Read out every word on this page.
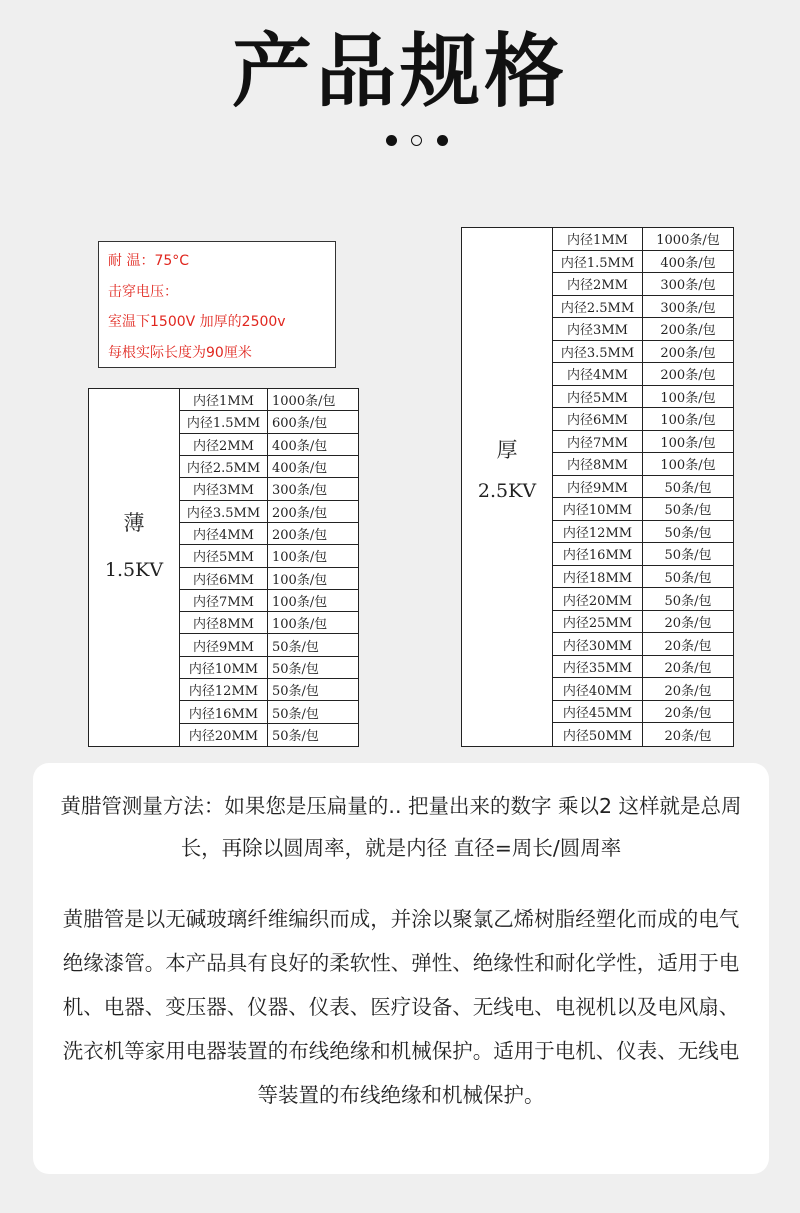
产品规格
耐 温：75°C
击穿电压：
室温下1500V 加厚的2500v
每根实际长度为90厘米
薄
1.5KV
内径1MM	1000条/包
内径1.5MM 600条/包
内径2MM	400条/包
内径2.5MM 400条/包
内径3MM	300条/包
内径3.5MM 200条/包
内径4MM	200条/包
内径5MM	100条/包
内径6MM	100条/包
内径7MM	100条/包
内径8MM	100条/包
内径9MM	50条/包
内径10MM	50条/包
内径12MM	50条/包
内径16MM	50条/包
内径20MM	50条/包
厚
2.5KV
内径1MM	1000条/包
内径1.5MM	400条/包
内径2MM	300条/包
内径2.5MM	300条/包
内径3MM	200条/包
内径3.5MM	200条/包
内径4MM	200条/包
内径5MM	100条/包
内径6MM	100条/包
内径7MM	100条/包
内径8MM	100条/包
内径9MM	50条/包
内径10MM	50条/包
内径12MM	50条/包
内径16MM	50条/包
内径18MM	50条/包
内径20MM	50条/包
内径25MM	20条/包
内径30MM	20条/包
内径35MM	20条/包
内径40MM	20条/包
内径45MM	20条/包
内径50MM	20条/包
黄腊管测量方法：如果您是压扁量的.. 把量出来的数字 乘以2 这样就是总周长，再除以圆周率，就是内径 直径=周长/圆周率
黄腊管是以无碱玻璃纤维编织而成，并涂以聚氯乙烯树脂经塑化而成的电气绝缘漆管。本产品具有良好的柔软性、弹性、绝缘性和耐化学性，适用于电机、电器、变压器、仪器、仪表、医疗设备、无线电、电视机以及电风扇、洗衣机等家用电器装置的布线绝缘和机械保护。适用于电机、仪表、无线电等装置的布线绝缘和机械保护。
